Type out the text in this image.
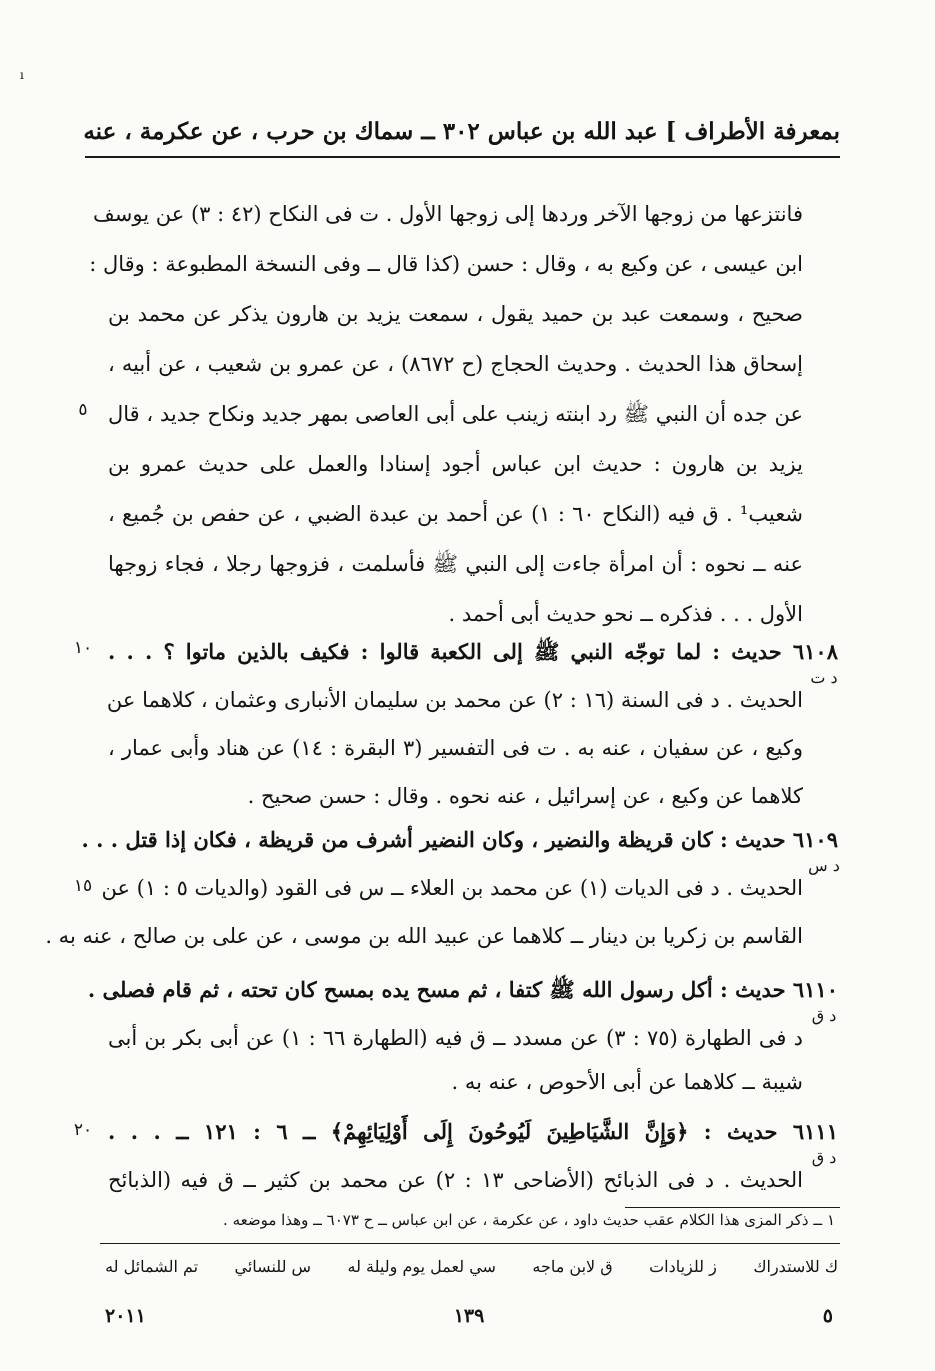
ı
بمعرفة الأطراف ] عبد الله بن عباس ٣٠٢ ــ سماك بن حرب ، عن عكرمة ، عنه
فانتزعها من زوجها الآخر وردها إلى زوجها الأول . ت فى النكاح (٤٢ : ٣) عن يوسف
ابن عيسى ، عن وكيع به ، وقال : حسن (كذا قال ــ وفى النسخة المطبوعة : وقال :
صحيح ، وسمعت عبد بن حميد يقول ، سمعت يزيد بن هارون يذكر عن محمد بن
إسحاق هذا الحديث . وحديث الحجاج (ح ٨٦٧٢) ، عن عمرو بن شعيب ، عن أبيه ،
عن جده أن النبي ﷺ رد ابنته زينب على أبى العاصى بمهر جديد ونكاح جديد ، قال
يزيد بن هارون : حديث ابن عباس أجود إسنادا والعمل على حديث عمرو بن
شعيب¹ . ق فيه (النكاح ٦٠ : ١) عن أحمد بن عبدة الضبي ، عن حفص بن جُميع ،
عنه ــ نحوه : أن امرأة جاءت إلى النبي ﷺ فأسلمت ، فزوجها رجلا ، فجاء زوجها
الأول . . . فذكره ــ نحو حديث أبى أحمد .
٦١٠٨ حديث : لما توجّه النبي ﷺ إلى الكعبة قالوا : فكيف بالذين ماتوا ؟ . . .
د ت
الحديث . د فى السنة (١٦ : ٢) عن محمد بن سليمان الأنبارى وعثمان ، كلاهما عن
وكيع ، عن سفيان ، عنه به . ت فى التفسير (٣ البقرة : ١٤) عن هناد وأبى عمار ،
كلاهما عن وكيع ، عن إسرائيل ، عنه نحوه . وقال : حسن صحيح .
٦١٠٩ حديث : كان قريظة والنضير ، وكان النضير أشرف من قريظة ، فكان إذا قتل . . .
د س
الحديث . د فى الديات (١) عن محمد بن العلاء ــ س فى القود (والديات ٥ : ١) عن
القاسم بن زكريا بن دينار ــ كلاهما عن عبيد الله بن موسى ، عن على بن صالح ، عنه به .
٦١١٠ حديث : أكل رسول الله ﷺ كتفا ، ثم مسح يده بمسح كان تحته ، ثم قام فصلى .
د ق
د فى الطهارة (٧٥ : ٣) عن مسدد ــ ق فيه (الطهارة ٦٦ : ١) عن أبى بكر بن أبى
شيبة ــ كلاهما عن أبى الأحوص ، عنه به .
٦١١١ حديث : ﴿وَإِنَّ الشَّيَاطِينَ لَيُوحُونَ إِلَى أَوْلِيَائِهِمْ﴾ ــ ٦ : ١٢١ ــ . . .
د ق
الحديث . د فى الذبائح (الأضاحى ١٣ : ٢) عن محمد بن كثير ــ ق فيه (الذبائح
٥
١٠
١٥
٢٠
١ ــ ذكر المزى هذا الكلام عقب حديث داود ، عن عكرمة ، عن ابن عباس ــ ح ٦٠٧٣ ــ وهذا موضعه .
تم الشمائل له س للنسائي سي لعمل يوم وليلة له ق لابن ماجه ز للزيادات ك للاستدراك
٥
١٣٩
٢٠١١
